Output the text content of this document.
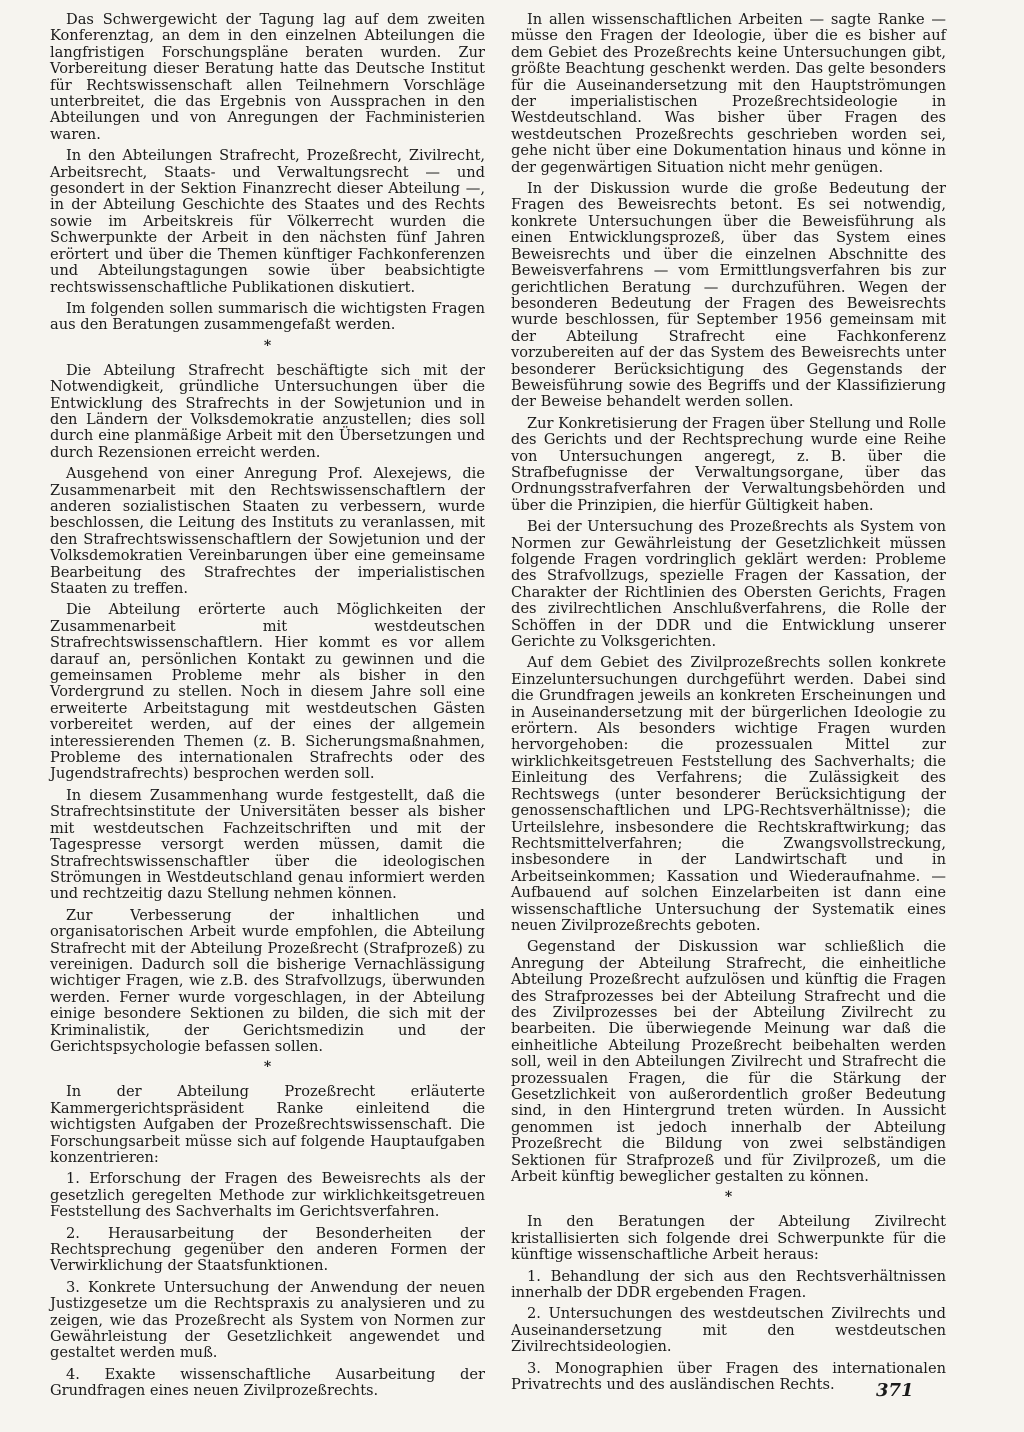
Das Schwergewicht der Tagung lag auf dem zweiten Konferenztag, an dem in den einzelnen Abteilungen die langfristigen Forschungspläne beraten wurden. Zur Vorbereitung dieser Beratung hatte das Deutsche Institut für Rechtswissenschaft allen Teilnehmern Vorschläge unterbreitet, die das Ergebnis von Aussprachen in den Abteilungen und von Anregungen der Fachministerien waren.

In den Abteilungen Strafrecht, Prozeßrecht, Zivilrecht, Arbeitsrecht, Staats- und Verwaltungsrecht — und gesondert in der Sektion Finanzrecht dieser Abteilung —, in der Abteilung Geschichte des Staates und des Rechts sowie im Arbeitskreis für Völkerrecht wurden die Schwerpunkte der Arbeit in den nächsten fünf Jahren erörtert und über die Themen künftiger Fachkonferenzen und Abteilungstagungen sowie über beabsichtigte rechtswissenschaftliche Publikationen diskutiert.

Im folgenden sollen summarisch die wichtigsten Fragen aus den Beratungen zusammengefaßt werden.

*

Die Abteilung Strafrecht beschäftigte sich mit der Notwendigkeit, gründliche Untersuchungen über die Entwicklung des Strafrechts in der Sowjetunion und in den Ländern der Volksdemokratie anzustellen; dies soll durch eine planmäßige Arbeit mit den Übersetzungen und durch Rezensionen erreicht werden.

Ausgehend von einer Anregung Prof. Alexejews, die Zusammenarbeit mit den Rechtswissenschaftlern der anderen sozialistischen Staaten zu verbessern, wurde beschlossen, die Leitung des Instituts zu veranlassen, mit den Strafrechtswissenschaftlern der Sowjetunion und der Volksdemokratien Vereinbarungen über eine gemeinsame Bearbeitung des Strafrechtes der imperialistischen Staaten zu treffen.

Die Abteilung erörterte auch Möglichkeiten der Zusammenarbeit mit westdeutschen Strafrechtswissenschaftlern. Hier kommt es vor allem darauf an, persönlichen Kontakt zu gewinnen und die gemeinsamen Probleme mehr als bisher in den Vordergrund zu stellen. Noch in diesem Jahre soll eine erweiterte Arbeitstagung mit westdeutschen Gästen vorbereitet werden, auf der eines der allgemein interessierenden Themen (z. B. Sicherungsmaßnahmen, Probleme des internationalen Strafrechts oder des Jugendstrafrechts) besprochen werden soll.

In diesem Zusammenhang wurde festgestellt, daß die Strafrechtsinstitute der Universitäten besser als bisher mit westdeutschen Fachzeitschriften und mit der Tagespresse versorgt werden müssen, damit die Strafrechtswissenschaftler über die ideologischen Strömungen in Westdeutschland genau informiert werden und rechtzeitig dazu Stellung nehmen können.

Zur Verbesserung der inhaltlichen und organisatorischen Arbeit wurde empfohlen, die Abteilung Strafrecht mit der Abteilung Prozeßrecht (Strafprozeß) zu vereinigen. Dadurch soll die bisherige Vernachlässigung wichtiger Fragen, wie z.B. des Strafvollzugs, überwunden werden. Ferner wurde vorgeschlagen, in der Abteilung einige besondere Sektionen zu bilden, die sich mit der Kriminalistik, der Gerichtsmedizin und der Gerichtspsychologie befassen sollen.

*

In der Abteilung Prozeßrecht erläuterte Kammergerichtspräsident Ranke einleitend die wichtigsten Aufgaben der Prozeßrechtswissenschaft. Die Forschungsarbeit müsse sich auf folgende Hauptaufgaben konzentrieren:

1. Erforschung der Fragen des Beweisrechts als der gesetzlich geregelten Methode zur wirklichkeitsgetreuen Feststellung des Sachverhalts im Gerichtsverfahren.

2. Herausarbeitung der Besonderheiten der Rechtsprechung gegenüber den anderen Formen der Verwirklichung der Staatsfunktionen.

3. Konkrete Untersuchung der Anwendung der neuen Justizgesetze um die Rechtspraxis zu analysieren und zu zeigen, wie das Prozeßrecht als System von Normen zur Gewährleistung der Gesetzlichkeit angewendet und gestaltet werden muß.

4. Exakte wissenschaftliche Ausarbeitung der Grundfragen eines neuen Zivilprozeßrechts.

In allen wissenschaftlichen Arbeiten — sagte Ranke — müsse den Fragen der Ideologie, über die es bisher auf dem Gebiet des Prozeßrechts keine Untersuchungen gibt, größte Beachtung geschenkt werden. Das gelte besonders für die Auseinandersetzung mit den Hauptströmungen der imperialistischen Prozeßrechtsideologie in Westdeutschland. Was bisher über Fragen des westdeutschen Prozeßrechts geschrieben worden sei, gehe nicht über eine Dokumentation hinaus und könne in der gegenwärtigen Situation nicht mehr genügen.

In der Diskussion wurde die große Bedeutung der Fragen des Beweisrechts betont. Es sei notwendig, konkrete Untersuchungen über die Beweisführung als einen Entwicklungsprozeß, über das System eines Beweisrechts und über die einzelnen Abschnitte des Beweisverfahrens — vom Ermittlungsverfahren bis zur gerichtlichen Beratung — durchzuführen. Wegen der besonderen Bedeutung der Fragen des Beweisrechts wurde beschlossen, für September 1956 gemeinsam mit der Abteilung Strafrecht eine Fachkonferenz vorzubereiten auf der das System des Beweisrechts unter besonderer Berücksichtigung des Gegenstands der Beweisführung sowie des Begriffs und der Klassifizierung der Beweise behandelt werden sollen.

Zur Konkretisierung der Fragen über Stellung und Rolle des Gerichts und der Rechtsprechung wurde eine Reihe von Untersuchungen angeregt, z. B. über die Strafbefugnisse der Verwaltungsorgane, über das Ordnungsstrafverfahren der Verwaltungsbehörden und über die Prinzipien, die hierfür Gültigkeit haben.

Bei der Untersuchung des Prozeßrechts als System von Normen zur Gewährleistung der Gesetzlichkeit müssen folgende Fragen vordringlich geklärt werden: Probleme des Strafvollzugs, spezielle Fragen der Kassation, der Charakter der Richtlinien des Obersten Gerichts, Fragen des zivilrechtlichen Anschlußverfahrens, die Rolle der Schöffen in der DDR und die Entwicklung unserer Gerichte zu Volksgerichten.

Auf dem Gebiet des Zivilprozeßrechts sollen konkrete Einzeluntersuchungen durchgeführt werden. Dabei sind die Grundfragen jeweils an konkreten Erscheinungen und in Auseinandersetzung mit der bürgerlichen Ideologie zu erörtern. Als besonders wichtige Fragen wurden hervorgehoben: die prozessualen Mittel zur wirklichkeitsgetreuen Feststellung des Sachverhalts; die Einleitung des Verfahrens; die Zulässigkeit des Rechtswegs (unter besonderer Berücksichtigung der genossenschaftlichen und LPG-Rechtsverhältnisse); die Urteilslehre, insbesondere die Rechtskraftwirkung; das Rechtsmittelverfahren; die Zwangsvollstreckung, insbesondere in der Landwirtschaft und in Arbeitseinkommen; Kassation und Wiederaufnahme. — Aufbauend auf solchen Einzelarbeiten ist dann eine wissenschaftliche Untersuchung der Systematik eines neuen Zivilprozeßrechts geboten.

Gegenstand der Diskussion war schließlich die Anregung der Abteilung Strafrecht, die einheitliche Abteilung Prozeßrecht aufzulösen und künftig die Fragen des Strafprozesses bei der Abteilung Strafrecht und die des Zivilprozesses bei der Abteilung Zivilrecht zu bearbeiten. Die überwiegende Meinung war daß die einheitliche Abteilung Prozeßrecht beibehalten werden soll, weil in den Abteilungen Zivilrecht und Strafrecht die prozessualen Fragen, die für die Stärkung der Gesetzlichkeit von außerordentlich großer Bedeutung sind, in den Hintergrund treten würden. In Aussicht genommen ist jedoch innerhalb der Abteilung Prozeßrecht die Bildung von zwei selbständigen Sektionen für Strafprozeß und für Zivilprozeß, um die Arbeit künftig beweglicher gestalten zu können.

*

In den Beratungen der Abteilung Zivilrecht kristallisierten sich folgende drei Schwerpunkte für die künftige wissenschaftliche Arbeit heraus:

1. Behandlung der sich aus den Rechtsverhältnissen innerhalb der DDR ergebenden Fragen.

2. Untersuchungen des westdeutschen Zivilrechts und Auseinandersetzung mit den westdeutschen Zivilrechtsideologien.

3. Monographien über Fragen des internationalen Privatrechts und des ausländischen Rechts.	371
